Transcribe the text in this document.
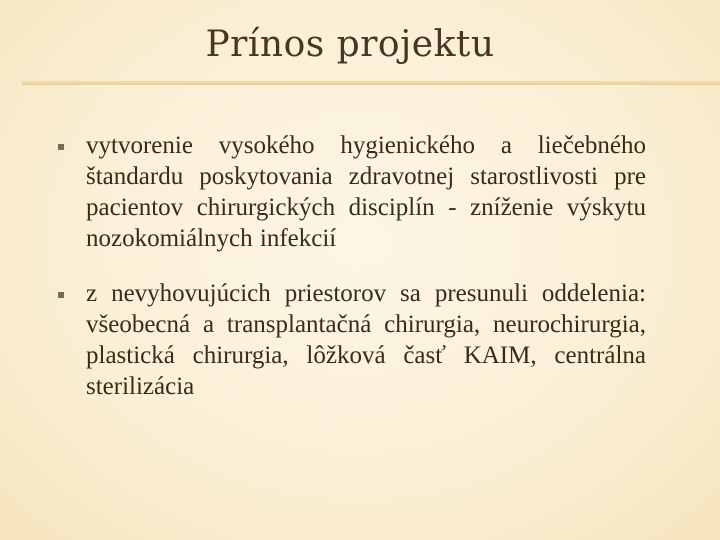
Prínos projektu
vytvorenie vysokého hygienického a liečebného štandardu poskytovania zdravotnej starostlivosti pre pacientov chirurgických disciplín - zníženie výskytu nozokomiálnych infekcií
z nevyhovujúcich priestorov sa presunuli oddelenia: všeobecná a transplantačná chirurgia, neurochirurgia, plastická chirurgia, lôžková časť KAIM, centrálna sterilizácia
